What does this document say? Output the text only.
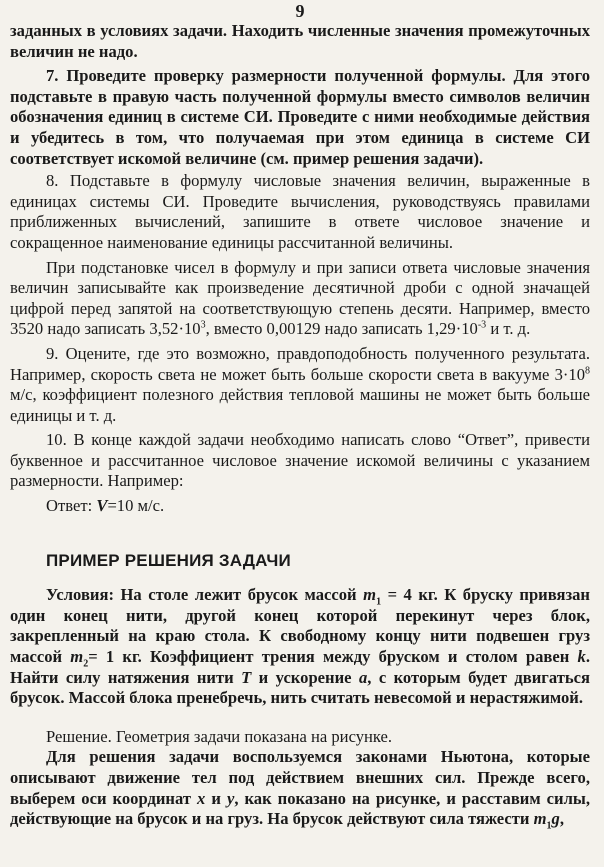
9

заданных в условиях задачи. Находить численные значения промежуточных величин не надо.

7. Проведите проверку размерности полученной формулы. Для этого подставьте в правую часть полученной формулы вместо символов величин обозначения единиц в системе СИ. Проведите с ними необходимые действия и убедитесь в том, что получаемая при этом единица в системе СИ соответствует искомой величине (см. пример решения задачи).

8. Подставьте в формулу числовые значения величин, выраженные в единицах системы СИ. Проведите вычисления, руководствуясь правилами приближенных вычислений, запишите в ответе числовое значение и сокращенное наименование единицы рассчитанной величины.

При подстановке чисел в формулу и при записи ответа числовые значения величин записывайте как произведение десятичной дроби с одной значащей цифрой перед запятой на соответствующую степень десяти. Например, вместо 3520 надо записать $3,52\cdot 10^3$, вместо 0,00129 надо записать $1,29\cdot 10^{-3}$ и т. д.

9. Оцените, где это возможно, правдоподобность полученного результата. Например, скорость света не может быть больше скорости света в вакууме $3\cdot 10^8$ м/с, коэффициент полезного действия тепловой машины не может быть больше единицы и т. д.

10. В конце каждой задачи необходимо написать слово “Ответ”, привести буквенное и рассчитанное числовое значение искомой величины с указанием размерности. Например:

Ответ: V=10 м/с.

ПРИМЕР РЕШЕНИЯ ЗАДАЧИ

Условия: На столе лежит брусок массой $m_1 = 4$ кг. К бруску привязан один конец нити, другой конец которой перекинут через блок, закрепленный на краю стола. К свободному концу нити подвешен груз массой $m_2= 1$ кг. Коэффициент трения между бруском и столом равен k. Найти силу натяжения нити T и ускорение a, с которым будет двигаться брусок. Массой блока пренебречь, нить считать невесомой и нерастяжимой.

Решение. Геометрия задачи показана на рисунке.

Для решения задачи воспользуемся законами Ньютона, которые описывают движение тел под действием внешних сил. Прежде всего, выберем оси координат x и y, как показано на рисунке, и расставим силы, действующие на брусок и на груз. На брусок действуют сила тяжести $m_1g$,
